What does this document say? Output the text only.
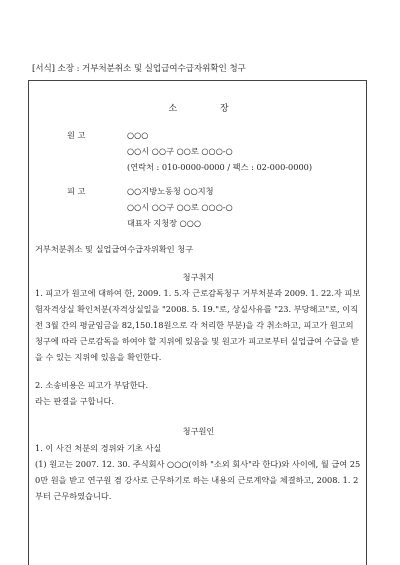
[서식] 소장 : 거부처분취소 및 실업급여수급자위확인 청구
소 장
원 고	○○○
○○시 ○○구 ○○로 ○○○-○
(연락처 : 010-0000-0000 / 팩스 : 02-000-0000)
피 고	○○지방노동청 ○○지청
○○시 ○○구 ○○로 ○○○-○
대표자 지청장 ○○○
거부처분취소 및 실업급여수급자위확인 청구
청구취지
1. 피고가 원고에 대하여 한, 2009. 1. 5.자 근로감독청구 거부처분과 2009. 1. 22.자 피보험자격상실 확인처분(자격상실일을 "2008. 5. 19."로, 상실사유를 "23. 부당해고"로, 이직 전 3월 간의 평균임금을 82,150.18원으로 각 처리한 부분)을 각 취소하고, 피고가 원고의 청구에 따라 근로감독을 하여야 할 지위에 있음을 및 원고가 피고로부터 실업급여 수급을 받을 수 있는 지위에 있음을 확인한다.
2. 소송비용은 피고가 부담한다.
라는 판결을 구합니다.
청구원인
1. 이 사건 처분의 경위와 기초 사실
(1) 원고는 2007. 12. 30. 주식회사 ○○○(이하 "소외 회사"라 한다)와 사이에, 월 급여 250만 원을 받고 연구원 겸 강사로 근무하기로 하는 내용의 근로계약을 체결하고, 2008. 1. 2부터 근무하였습니다.
